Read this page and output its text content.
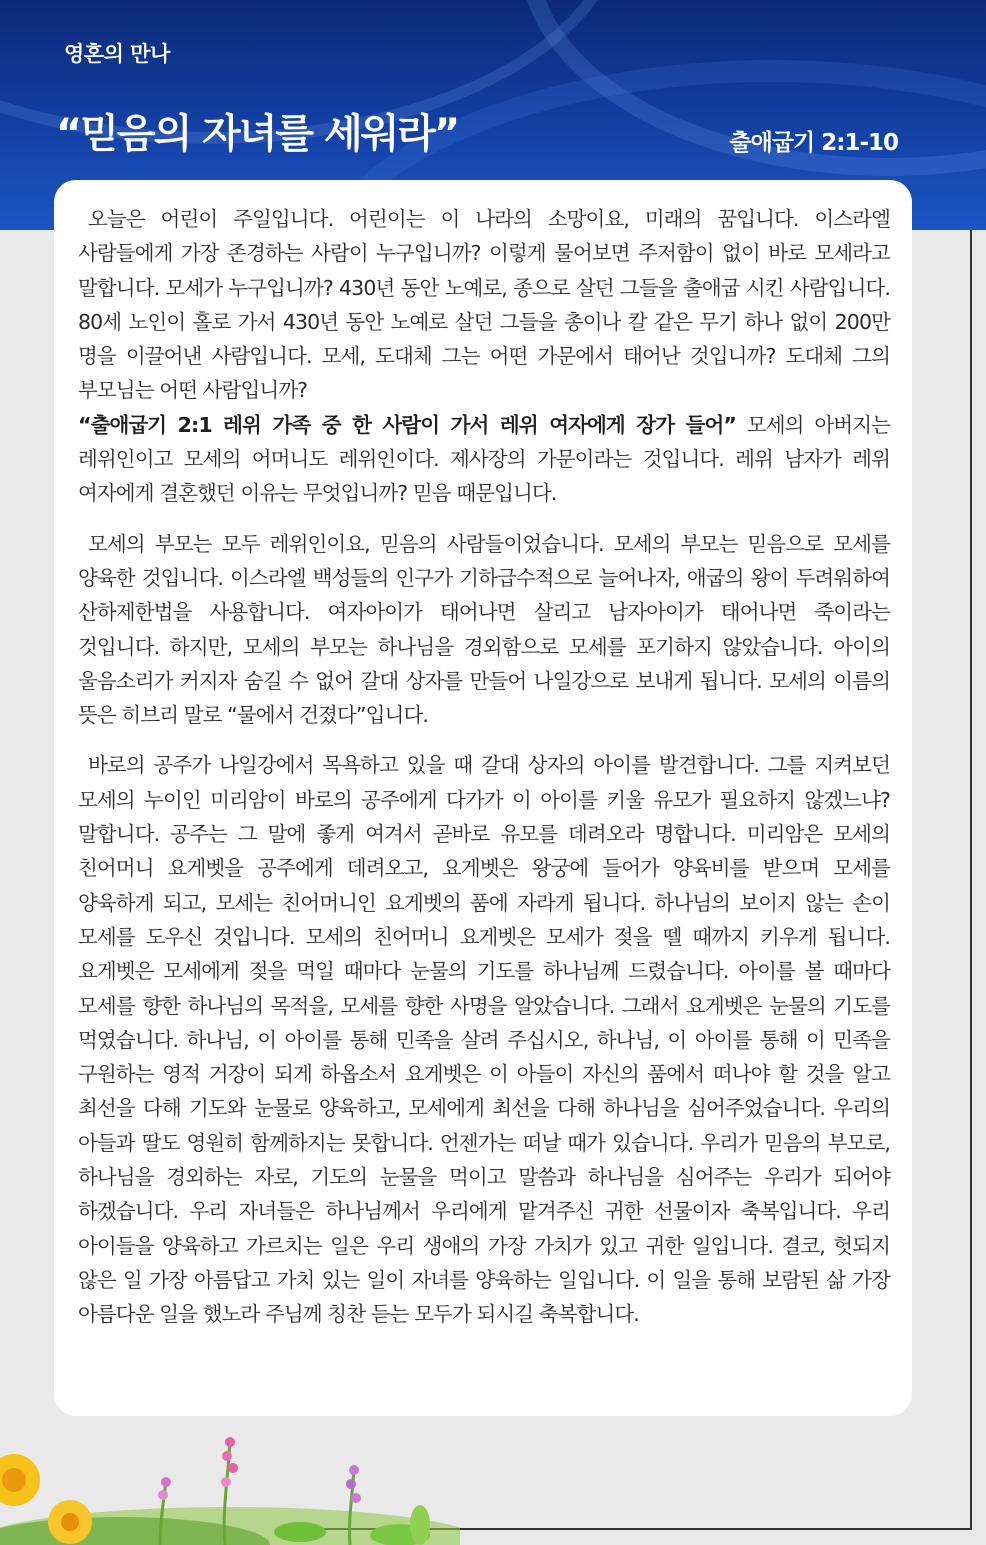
영혼의 만나
“믿음의 자녀를 세워라”	출애굽기 2:1-10

오늘은 어린이 주일입니다. 어린이는 이 나라의 소망이요, 미래의 꿈입니다. 이스라엘 사람들에게 가장 존경하는 사람이 누구입니까? 이렇게 물어보면 주저함이 없이 바로 모세라고 말합니다. 모세가 누구입니까? 430년 동안 노예로, 종으로 살던 그들을 출애굽 시킨 사람입니다. 80세 노인이 홀로 가서 430년 동안 노예로 살던 그들을 총이나 칼 같은 무기 하나 없이 200만 명을 이끌어낸 사람입니다. 모세, 도대체 그는 어떤 가문에서 태어난 것입니까? 도대체 그의 부모님는 어떤 사람입니까?
“출애굽기 2:1 레위 가족 중 한 사람이 가서 레위 여자에게 장가 들어” 모세의 아버지는 레위인이고 모세의 어머니도 레위인이다. 제사장의 가문이라는 것입니다. 레위 남자가 레위 여자에게 결혼했던 이유는 무엇입니까? 믿음 때문입니다.

모세의 부모는 모두 레위인이요, 믿음의 사람들이었습니다. 모세의 부모는 믿음으로 모세를 양육한 것입니다. 이스라엘 백성들의 인구가 기하급수적으로 늘어나자, 애굽의 왕이 두려워하여 산하제한법을 사용합니다. 여자아이가 태어나면 살리고 남자아이가 태어나면 죽이라는 것입니다. 하지만, 모세의 부모는 하나님을 경외함으로 모세를 포기하지 않았습니다. 아이의 울음소리가 커지자 숨길 수 없어 갈대 상자를 만들어 나일강으로 보내게 됩니다. 모세의 이름의 뜻은 히브리 말로 “물에서 건졌다”입니다.

바로의 공주가 나일강에서 목욕하고 있을 때 갈대 상자의 아이를 발견합니다. 그를 지켜보던 모세의 누이인 미리암이 바로의 공주에게 다가가 이 아이를 키울 유모가 필요하지 않겠느냐? 말합니다. 공주는 그 말에 좋게 여겨서 곧바로 유모를 데려오라 명합니다. 미리암은 모세의 친어머니 요게벳을 공주에게 데려오고, 요게벳은 왕궁에 들어가 양육비를 받으며 모세를 양육하게 되고, 모세는 친어머니인 요게벳의 품에 자라게 됩니다. 하나님의 보이지 않는 손이 모세를 도우신 것입니다. 모세의 친어머니 요게벳은 모세가 젖을 뗄 때까지 키우게 됩니다. 요게벳은 모세에게 젖을 먹일 때마다 눈물의 기도를 하나님께 드렸습니다. 아이를 볼 때마다 모세를 향한 하나님의 목적을, 모세를 향한 사명을 알았습니다. 그래서 요게벳은 눈물의 기도를 먹였습니다. 하나님, 이 아이를 통해 민족을 살려 주십시오, 하나님, 이 아이를 통해 이 민족을 구원하는 영적 거장이 되게 하옵소서 요게벳은 이 아들이 자신의 품에서 떠나야 할 것을 알고 최선을 다해 기도와 눈물로 양육하고, 모세에게 최선을 다해 하나님을 심어주었습니다. 우리의 아들과 딸도 영원히 함께하지는 못합니다. 언젠가는 떠날 때가 있습니다. 우리가 믿음의 부모로, 하나님을 경외하는 자로, 기도의 눈물을 먹이고 말씀과 하나님을 심어주는 우리가 되어야 하겠습니다. 우리 자녀들은 하나님께서 우리에게 맡겨주신 귀한 선물이자 축복입니다. 우리 아이들을 양육하고 가르치는 일은 우리 생애의 가장 가치가 있고 귀한 일입니다. 결코, 헛되지 않은 일 가장 아름답고 가치 있는 일이 자녀를 양육하는 일입니다. 이 일을 통해 보람된 삶 가장 아름다운 일을 했노라 주님께 칭찬 듣는 모두가 되시길 축복합니다.
